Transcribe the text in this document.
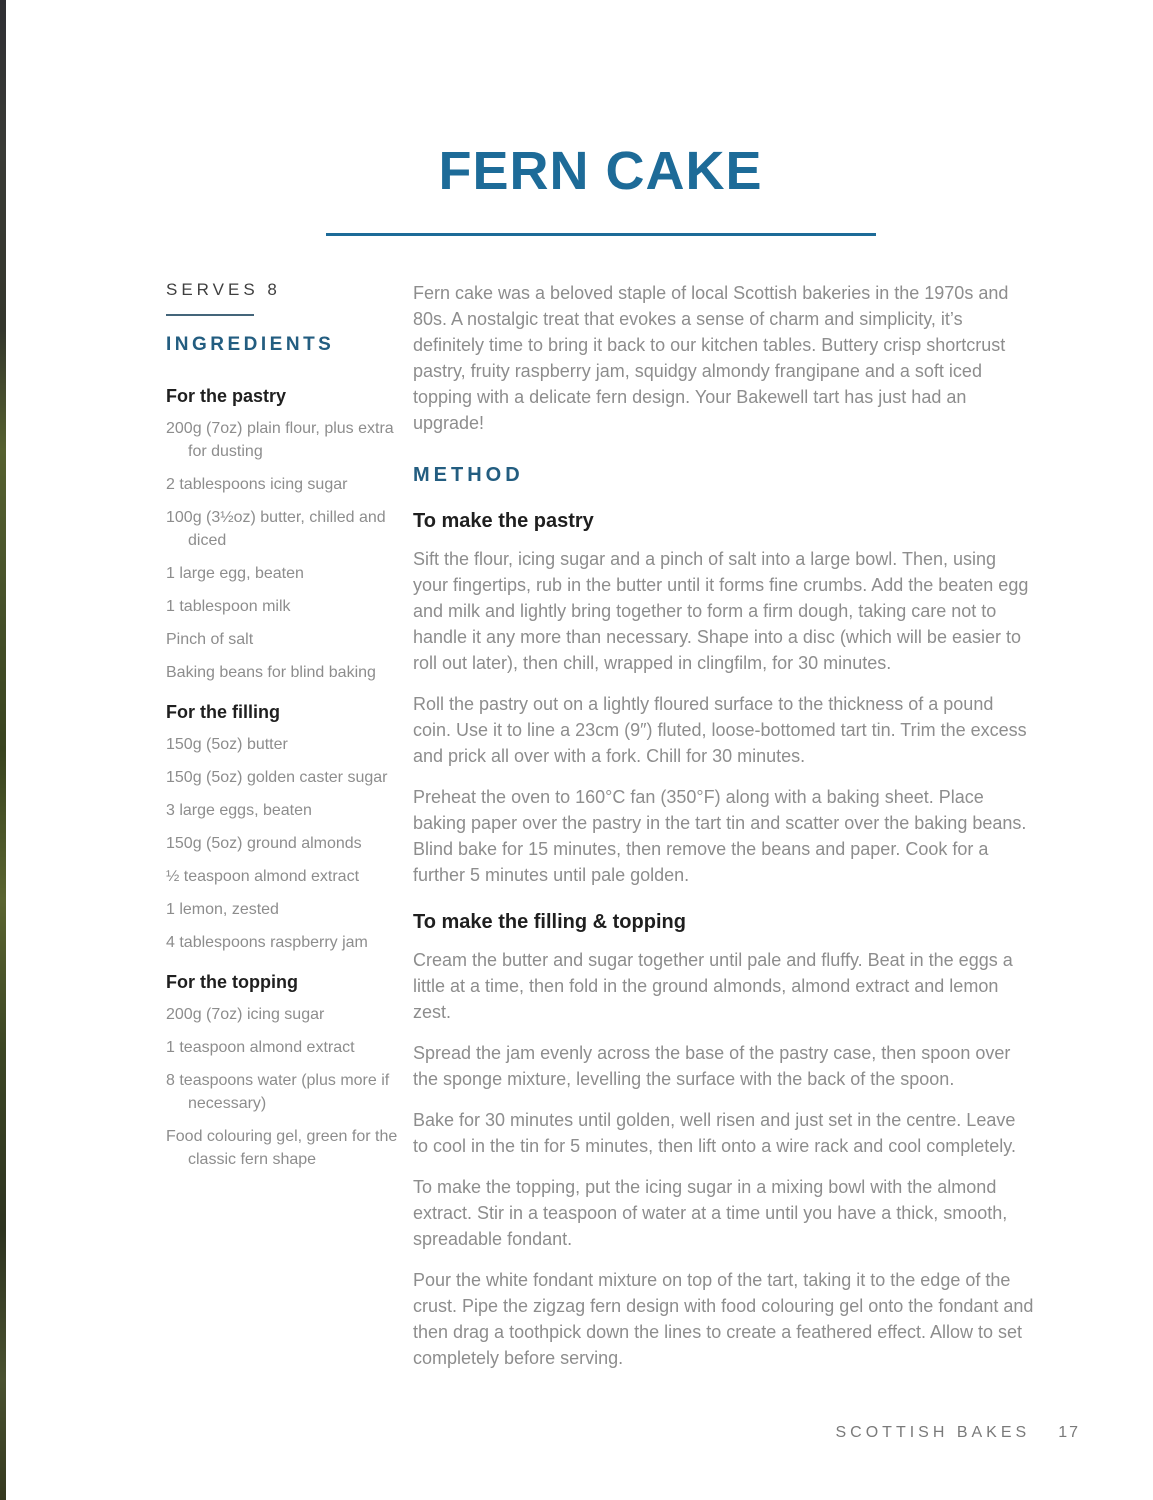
FERN CAKE
SERVES 8
INGREDIENTS
For the pastry

200g (7oz) plain flour, plus extra for dusting

2 tablespoons icing sugar

100g (3½oz) butter, chilled and diced

1 large egg, beaten

1 tablespoon milk

Pinch of salt

Baking beans for blind baking

For the filling

150g (5oz) butter

150g (5oz) golden caster sugar

3 large eggs, beaten

150g (5oz) ground almonds

½ teaspoon almond extract

1 lemon, zested

4 tablespoons raspberry jam

For the topping

200g (7oz) icing sugar

1 teaspoon almond extract

8 teaspoons water (plus more if necessary)

Food colouring gel, green for the classic fern shape

Fern cake was a beloved staple of local Scottish bakeries in the 1970s and 80s. A nostalgic treat that evokes a sense of charm and simplicity, it’s definitely time to bring it back to our kitchen tables. Buttery crisp shortcrust pastry, fruity raspberry jam, squidgy almondy frangipane and a soft iced topping with a delicate fern design. Your Bakewell tart has just had an upgrade!

METHOD
To make the pastry

Sift the flour, icing sugar and a pinch of salt into a large bowl. Then, using your fingertips, rub in the butter until it forms fine crumbs. Add the beaten egg and milk and lightly bring together to form a firm dough, taking care not to handle it any more than necessary. Shape into a disc (which will be easier to roll out later), then chill, wrapped in clingfilm, for 30 minutes.

Roll the pastry out on a lightly floured surface to the thickness of a pound coin. Use it to line a 23cm (9″) fluted, loose-bottomed tart tin. Trim the excess and prick all over with a fork. Chill for 30 minutes.

Preheat the oven to 160°C fan (350°F) along with a baking sheet. Place baking paper over the pastry in the tart tin and scatter over the baking beans. Blind bake for 15 minutes, then remove the beans and paper. Cook for a further 5 minutes until pale golden.

To make the filling & topping

Cream the butter and sugar together until pale and fluffy. Beat in the eggs a little at a time, then fold in the ground almonds, almond extract and lemon zest.

Spread the jam evenly across the base of the pastry case, then spoon over the sponge mixture, levelling the surface with the back of the spoon.

Bake for 30 minutes until golden, well risen and just set in the centre. Leave to cool in the tin for 5 minutes, then lift onto a wire rack and cool completely.

To make the topping, put the icing sugar in a mixing bowl with the almond extract. Stir in a teaspoon of water at a time until you have a thick, smooth, spreadable fondant.

Pour the white fondant mixture on top of the tart, taking it to the edge of the crust. Pipe the zigzag fern design with food colouring gel onto the fondant and then drag a toothpick down the lines to create a feathered effect. Allow to set completely before serving.

SCOTTISH BAKES 17
